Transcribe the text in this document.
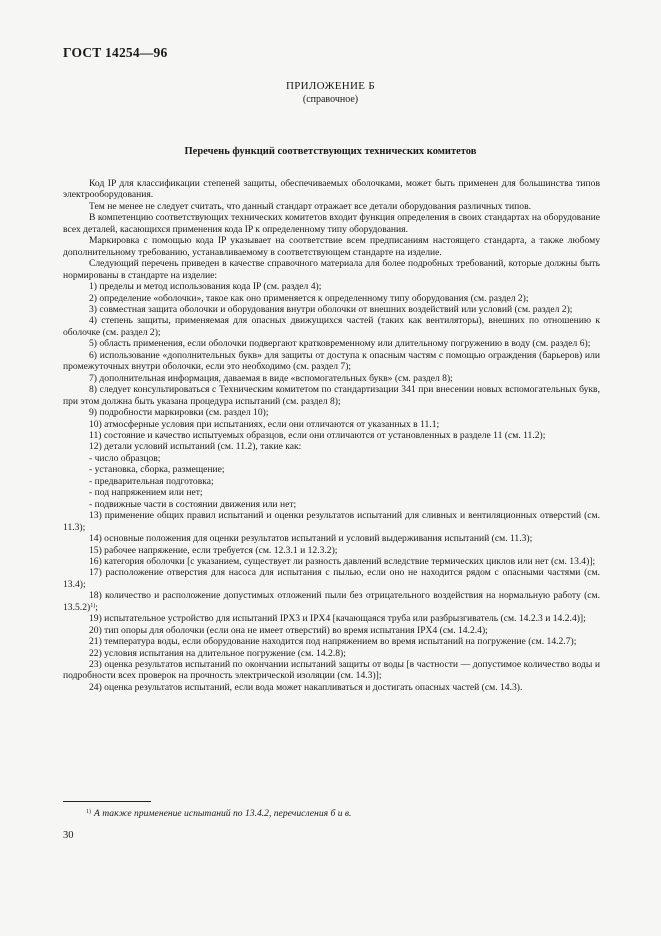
ГОСТ 14254—96
ПРИЛОЖЕНИЕ Б
(справочное)
Перечень функций соответствующих технических комитетов

Код IP для классификации степеней защиты, обеспечиваемых оболочками, может быть применен для большинства типов электрооборудования.

Тем не менее не следует считать, что данный стандарт отражает все детали оборудования различных типов.

В компетенцию соответствующих технических комитетов входит функция определения в своих стандартах на оборудование всех деталей, касающихся применения кода IP к определенному типу оборудования.

Маркировка с помощью кода IP указывает на соответствие всем предписаниям настоящего стандарта, а также любому дополнительному требованию, устанавливаемому в соответствующем стандарте на изделие.

Следующий перечень приведен в качестве справочного материала для более подробных требований, которые должны быть нормированы в стандарте на изделие:

1) пределы и метод использования кода IP (см. раздел 4);

2) определение «оболочки», такое как оно применяется к определенному типу оборудования (см. раздел 2);

3) совместная защита оболочки и оборудования внутри оболочки от внешних воздействий или условий (см. раздел 2);

4) степень защиты, применяемая для опасных движущихся частей (таких как вентиляторы), внешних по отношению к оболочке (см. раздел 2);

5) область применения, если оболочки подвергают кратковременному или длительному погружению в воду (см. раздел 6);

6) использование «дополнительных букв» для защиты от доступа к опасным частям с помощью ограждения (барьеров) или промежуточных внутри оболочки, если это необходимо (см. раздел 7);

7) дополнительная информация, даваемая в виде «вспомогательных букв» (см. раздел 8);

8) следует консультироваться с Техническим комитетом по стандартизации 341 при внесении новых вспомогательных букв, при этом должна быть указана процедура испытаний (см. раздел 8);

9) подробности маркировки (см. раздел 10);

10) атмосферные условия при испытаниях, если они отличаются от указанных в 11.1;

11) состояние и качество испытуемых образцов, если они отличаются от установленных в разделе 11 (см. 11.2);

12) детали условий испытаний (см. 11.2), такие как:

- число образцов;

- установка, сборка, размещение;

- предварительная подготовка;

- под напряжением или нет;

- подвижные части в состоянии движения или нет;

13) применение общих правил испытаний и оценки результатов испытаний для сливных и вентиляционных отверстий (см. 11.3);

14) основные положения для оценки результатов испытаний и условий выдерживания испытаний (см. 11.3);

15) рабочее напряжение, если требуется (см. 12.3.1 и 12.3.2);

16) категория оболочки [с указанием, существует ли разность давлений вследствие термических циклов или нет (см. 13.4)];

17) расположение отверстия для насоса для испытания с пылью, если оно не находится рядом с опасными частями (см. 13.4);

18) количество и расположение допустимых отложений пыли без отрицательного воздействия на нормальную работу (см. 13.5.2)$^{1)}$;

19) испытательное устройство для испытаний IPX3 и IPX4 [качающаяся труба или разбрызгиватель (см. 14.2.3 и 14.2.4)];

20) тип опоры для оболочки (если она не имеет отверстий) во время испытания IPX4 (см. 14.2.4);

21) температура воды, если оборудование находится под напряжением во время испытаний на погружение (см. 14.2.7);

22) условия испытания на длительное погружение (см. 14.2.8);

23) оценка результатов испытаний по окончании испытаний защиты от воды [в частности — допустимое количество воды и подробности всех проверок на прочность электрической изоляции (см. 14.3)];

24) оценка результатов испытаний, если вода может накапливаться и достигать опасных частей (см. 14.3).

$^{1)}$ А также применение испытаний по 13.4.2, перечисления б и в.
30
